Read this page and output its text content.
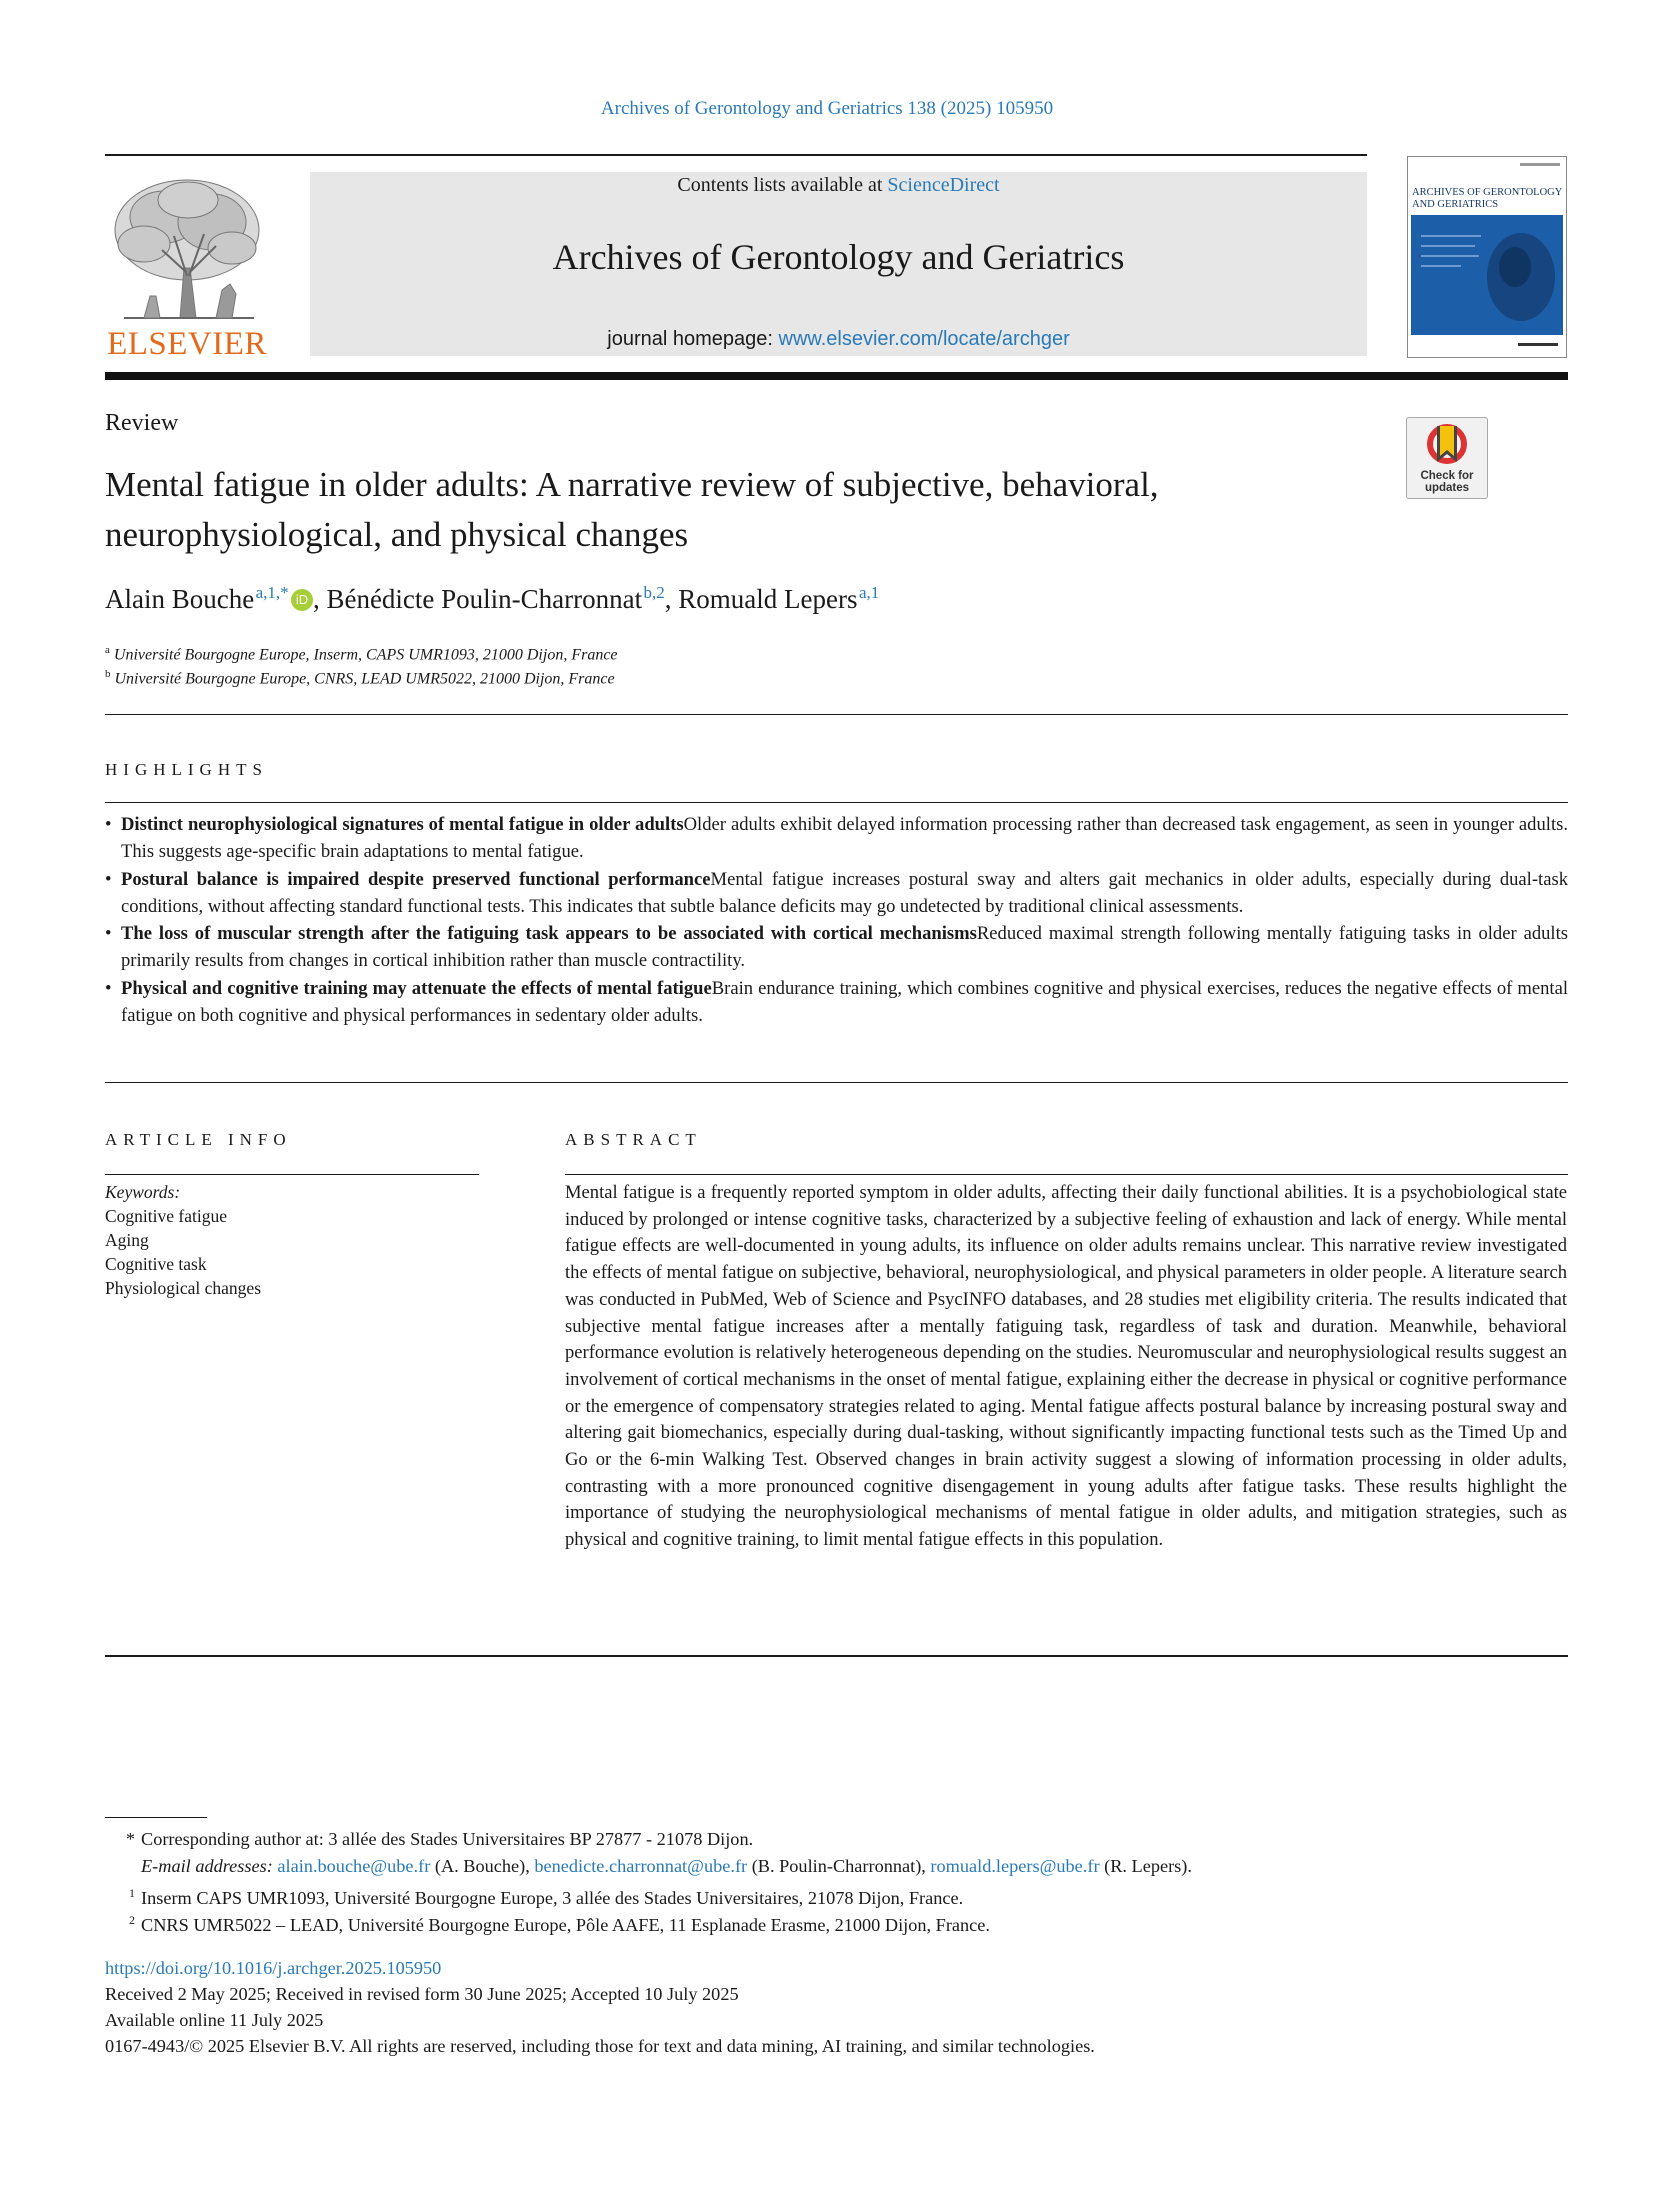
Archives of Gerontology and Geriatrics 138 (2025) 105950
ELSEVIER
Contents lists available at ScienceDirect
Archives of Gerontology and Geriatrics
journal homepage: www.elsevier.com/locate/archger
ARCHIVES OF GERONTOLOGY AND GERIATRICS
Review
Check for updates
Mental fatigue in older adults: A narrative review of subjective, behavioral, neurophysiological, and physical changes
Alain Bouche $^{a,1,*}$  iD , Bénédicte Poulin-Charronnat $^{b,2}$, Romuald Lepers $^{a,1}$
$^a$ Université Bourgogne Europe, Inserm, CAPS UMR1093, 21000 Dijon, France
$^b$ Université Bourgogne Europe, CNRS, LEAD UMR5022, 21000 Dijon, France
HIGHLIGHTS
• Distinct neurophysiological signatures of mental fatigue in older adultsOlder adults exhibit delayed information processing rather than decreased task engagement, as seen in younger adults. This suggests age-specific brain adaptations to mental fatigue.
• Postural balance is impaired despite preserved functional performanceMental fatigue increases postural sway and alters gait mechanics in older adults, especially during dual-task conditions, without affecting standard functional tests. This indicates that subtle balance deficits may go undetected by traditional clinical assessments.
• The loss of muscular strength after the fatiguing task appears to be associated with cortical mechanismsReduced maximal strength following mentally fatiguing tasks in older adults primarily results from changes in cortical inhibition rather than muscle contractility.
• Physical and cognitive training may attenuate the effects of mental fatigueBrain endurance training, which combines cognitive and physical exercises, reduces the negative effects of mental fatigue on both cognitive and physical performances in sedentary older adults.
ARTICLE INFO	ABSTRACT
Keywords:
Cognitive fatigue
Aging
Cognitive task
Physiological changes
Mental fatigue is a frequently reported symptom in older adults, affecting their daily functional abilities. It is a psychobiological state induced by prolonged or intense cognitive tasks, characterized by a subjective feeling of exhaustion and lack of energy. While mental fatigue effects are well-documented in young adults, its influence on older adults remains unclear. This narrative review investigated the effects of mental fatigue on subjective, behavioral, neurophysiological, and physical parameters in older people. A literature search was conducted in PubMed, Web of Science and PsycINFO databases, and 28 studies met eligibility criteria. The results indicated that subjective mental fatigue increases after a mentally fatiguing task, regardless of task and duration. Meanwhile, behavioral performance evolution is relatively heterogeneous depending on the studies. Neuromuscular and neurophysiological results suggest an involvement of cortical mechanisms in the onset of mental fatigue, explaining either the decrease in physical or cognitive performance or the emergence of compensatory strategies related to aging. Mental fatigue affects postural balance by increasing postural sway and altering gait biomechanics, especially during dual-tasking, without significantly impacting functional tests such as the Timed Up and Go or the 6-min Walking Test. Observed changes in brain activity suggest a slowing of information processing in older adults, contrasting with a more pronounced cognitive disengagement in young adults after fatigue tasks. These results highlight the importance of studying the neurophysiological mechanisms of mental fatigue in older adults, and mitigation strategies, such as physical and cognitive training, to limit mental fatigue effects in this population.
* Corresponding author at: 3 allée des Stades Universitaires BP 27877 - 21078 Dijon.
E-mail addresses: alain.bouche@ube.fr (A. Bouche), benedicte.charronnat@ube.fr (B. Poulin-Charronnat), romuald.lepers@ube.fr (R. Lepers).
1 Inserm CAPS UMR1093, Université Bourgogne Europe, 3 allée des Stades Universitaires, 21078 Dijon, France.
2 CNRS UMR5022 – LEAD, Université Bourgogne Europe, Pôle AAFE, 11 Esplanade Erasme, 21000 Dijon, France.
https://doi.org/10.1016/j.archger.2025.105950
Received 2 May 2025; Received in revised form 30 June 2025; Accepted 10 July 2025
Available online 11 July 2025
0167-4943/© 2025 Elsevier B.V. All rights are reserved, including those for text and data mining, AI training, and similar technologies.
